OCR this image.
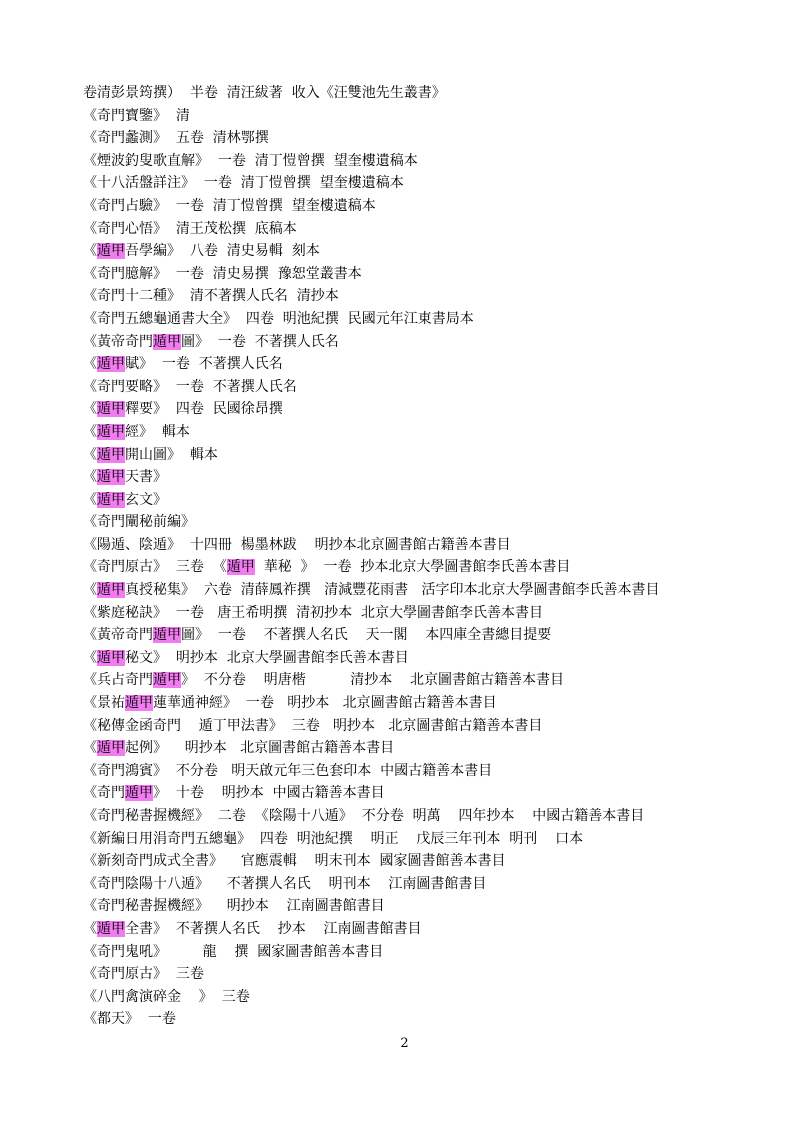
卷清彭景筠撰）  半卷  清汪紱著  收入《汪雙池先生叢書》
《奇門寶鑒》  清
《奇門蠡測》  五卷  清林鄂撰
《煙波釣叟歌直解》  一卷  清丁愷曾撰  望奎樓遺稿本
《十八活盤詳注》  一卷  清丁愷曾撰  望奎樓遺稿本
《奇門占驗》  一卷  清丁愷曾撰  望奎樓遺稿本
《奇門心悟》  清王茂松撰  底稿本
《遁甲吾學編》  八卷  清史易輯  刻本
《奇門臆解》  一卷  清史易撰  豫恕堂叢書本
《奇門十二種》  清不著撰人氏名  清抄本
《奇門五總龜通書大全》  四卷  明池紀撰  民國元年江東書局本
《黃帝奇門遁甲圖》  一卷  不著撰人氏名
《遁甲賦》  一卷  不著撰人氏名
《奇門要略》  一卷  不著撰人氏名
《遁甲釋要》  四卷  民國徐昂撰
《遁甲經》  輯本
《遁甲開山圖》  輯本
《遁甲天書》
《遁甲玄文》
《奇門闡秘前編》
《陽遁、陰遁》  十四冊  楊墨林跋    明抄本北京圖書館古籍善本書目
《奇門原古》  三卷  《遁甲  華秘  》  一卷  抄本北京大學圖書館李氏善本書目
《遁甲真授秘集》  六卷  清薛鳳祚撰   清減豐花雨書   活字印本北京大學圖書館李氏善本書目
《紫庭秘訣》  一卷   唐王希明撰  清初抄本  北京大學圖書館李氏善本書目
《黃帝奇門遁甲圖》  一卷    不著撰人名氏    天一閣    本四庫全書總目提要
《遁甲秘文》  明抄本  北京大學圖書館李氏善本書目
《兵占奇門遁甲》  不分卷    明唐楷          清抄本    北京圖書館古籍善本書目
《景祐遁甲蓮華通神經》  一卷   明抄本   北京圖書館古籍善本書目
《秘傳金函奇門    遁丁甲法書》  三卷   明抄本   北京圖書館古籍善本書目
《遁甲起例》    明抄本   北京圖書館古籍善本書目
《奇門鴻賓》  不分卷   明天啟元年三色套印本  中國古籍善本書目
《奇門遁甲》  十卷    明抄本  中國古籍善本書目
《奇門秘書握機經》  二卷  《陰陽十八遁》  不分卷  明萬    四年抄本    中國古籍善本書目
《新編日用涓奇門五總龜》  四卷  明池紀撰    明正    戊辰三年刊本  明刊    口本
《新刻奇門成式全書》    官應震輯    明末刊本  國家圖書館善本書目
《奇門陰陽十八遁》    不著撰人名氏    明刊本    江南圖書館書目
《奇門秘書握機經》    明抄本    江南圖書館書目
《遁甲全書》  不著撰人名氏    抄本    江南圖書館書目
《奇門鬼吼》        龍    撰  國家圖書館善本書目
《奇門原古》  三卷
《八門禽演碎金    》  三卷
《都天》  一卷
2
